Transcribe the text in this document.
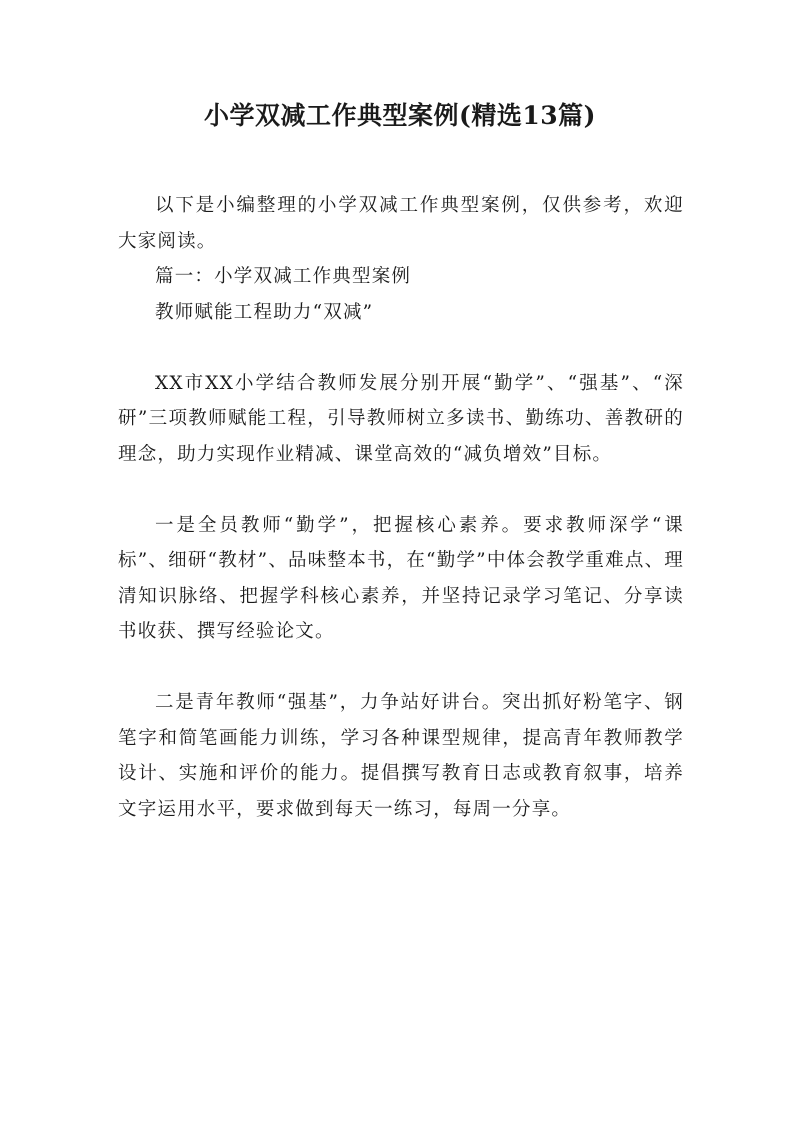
小学双减工作典型案例(精选13篇)

以下是小编整理的小学双减工作典型案例，仅供参考，欢迎大家阅读。

篇一：小学双减工作典型案例

教师赋能工程助力“双减”

XX市XX小学结合教师发展分别开展“勤学”、“强基”、“深研”三项教师赋能工程，引导教师树立多读书、勤练功、善教研的理念，助力实现作业精减、课堂高效的“减负增效”目标。

一是全员教师“勤学”，把握核心素养。要求教师深学“课标”、细研“教材”、品味整本书，在“勤学”中体会教学重难点、理清知识脉络、把握学科核心素养，并坚持记录学习笔记、分享读书收获、撰写经验论文。

二是青年教师“强基”，力争站好讲台。突出抓好粉笔字、钢笔字和简笔画能力训练，学习各种课型规律，提高青年教师教学设计、实施和评价的能力。提倡撰写教育日志或教育叙事，培养文字运用水平，要求做到每天一练习，每周一分享。
